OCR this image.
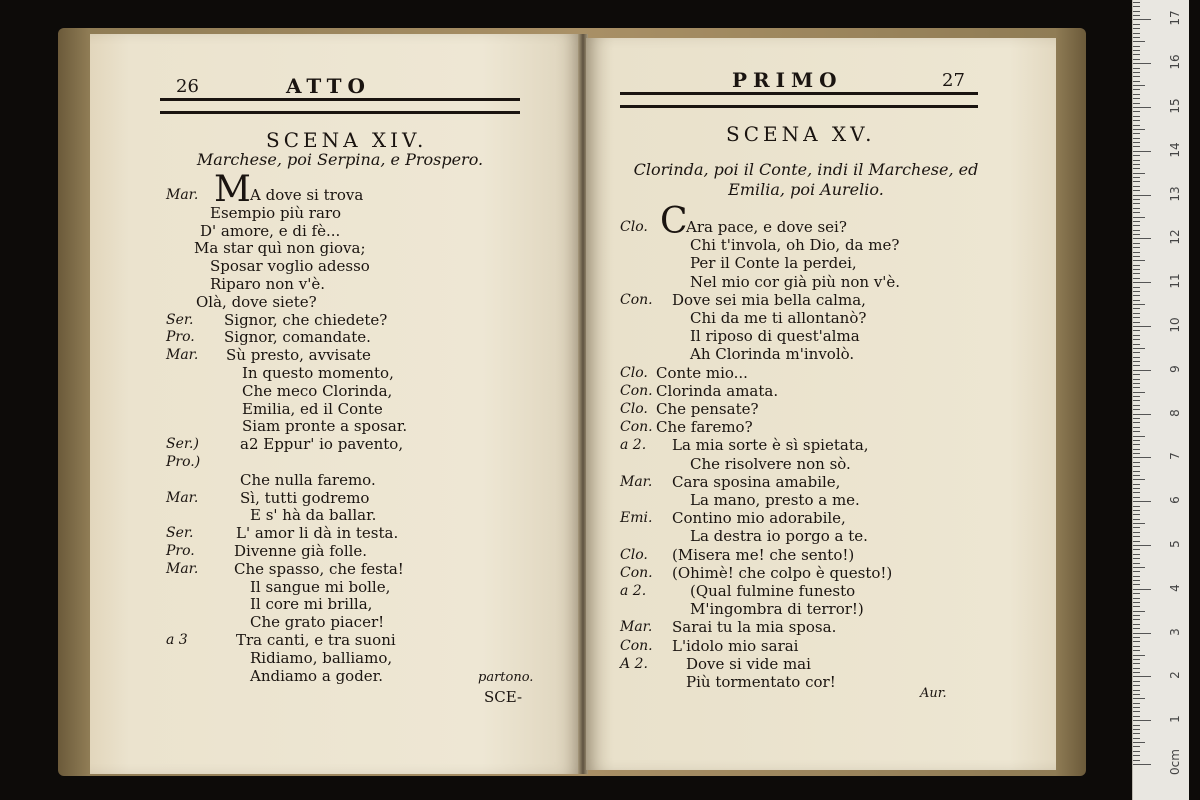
26	ATTO
SCENA XIV.
Marchese, poi Serpina, e Prospero.
M
Mar.	A dove si trova
Esempio più raro
D' amore, e di fè...
Ma star quì non giova;
Sposar voglio adesso
Riparo non v'è.
Olà, dove siete?
Ser. Signor, che chiedete?
Pro. Signor, comandate.
Mar. Sù presto, avvisate
In questo momento,
Che meco Clorinda,
Emilia, ed il Conte
Siam pronte a sposar.
Ser.)	a2 Eppur' io pavento,
Pro.)
Che nulla faremo.
Mar.	Sì, tutti godremo
E s' hà da ballar.
Ser.	L' amor li dà in testa.
Pro.	Divenne già folle.
Mar. Che spasso, che festa!
Il sangue mi bolle,
Il core mi brilla,
Che grato piacer!
a 3	Tra canti, e tra suoni
Ridiamo, balliamo,
Andiamo a goder.	partono.
SCE-
PRIMO	27
SCENA XV.
Clorinda, poi il Conte, indi il Marchese, ed
Emilia, poi Aurelio.
C
Clo.	Ara pace, e dove sei?
Chi t'invola, oh Dio, da me?
Per il Conte la perdei,
Nel mio cor già più non v'è.
Con. Dove sei mia bella calma,
Chi da me ti allontanò?
Il riposo di quest'alma
Ah Clorinda m'involò.
Clo. Conte mio...
Con. Clorinda amata.
Clo. Che pensate?
Con. Che faremo?
a 2. La mia sorte è sì spietata,
Che risolvere non sò.
Mar. Cara sposina amabile,
La mano, presto a me.
Emi. Contino mio adorabile,
La destra io porgo a te.
Clo. (Misera me! che sento!)
Con. (Ohimè! che colpo è questo!)
a 2.	(Qual fulmine funesto
M'ingombra di terror!)
Mar. Sarai tu la mia sposa.
Con. L'idolo mio sarai
A 2.	Dove si vide mai
Più tormentato cor!
Aur.
0cm
1
2
3
4
5
6
7
8
9
10
11
12
13
14
15
16
17
